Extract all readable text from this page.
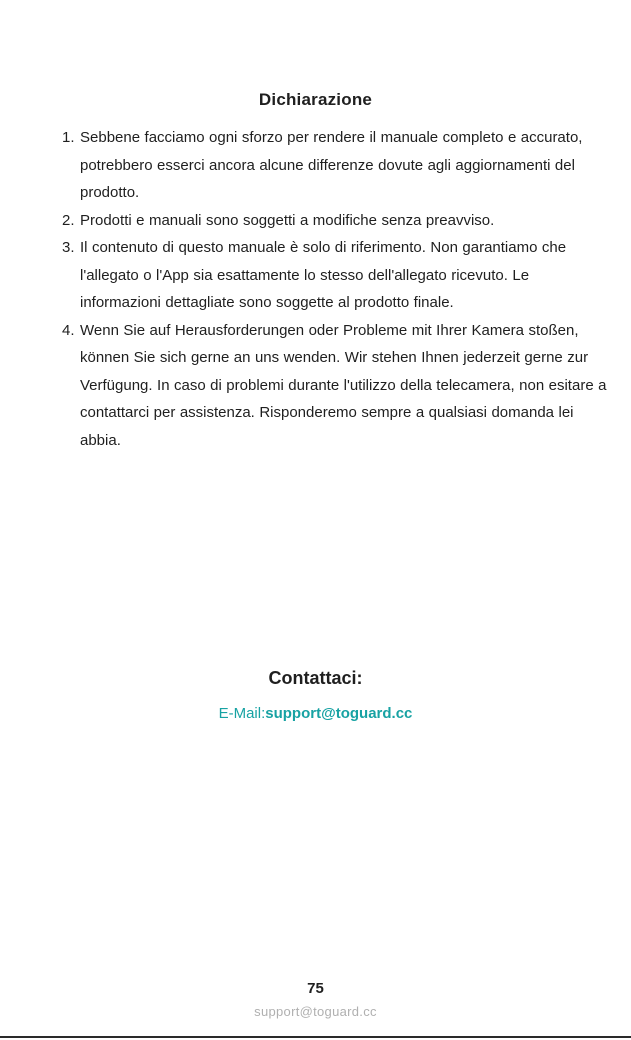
Dichiarazione
1. Sebbene facciamo ogni sforzo per rendere il manuale completo e accurato, potrebbero esserci ancora alcune differenze dovute agli aggiornamenti del prodotto.
2. Prodotti e manuali sono soggetti a modifiche senza preavviso.
3. Il contenuto di questo manuale è solo di riferimento. Non garantiamo che l'allegato o l'App sia esattamente lo stesso dell'allegato ricevuto. Le informazioni dettagliate sono soggette al prodotto finale.
4. Wenn Sie auf Herausforderungen oder Probleme mit Ihrer Kamera stoßen, können Sie sich gerne an uns wenden. Wir stehen Ihnen jederzeit gerne zur Verfügung. In caso di problemi durante l'utilizzo della telecamera, non esitare a contattarci per assistenza. Risponderemo sempre a qualsiasi domanda lei abbia.
Contattaci:

E-Mail:support@toguard.cc

75
support@toguard.cc
